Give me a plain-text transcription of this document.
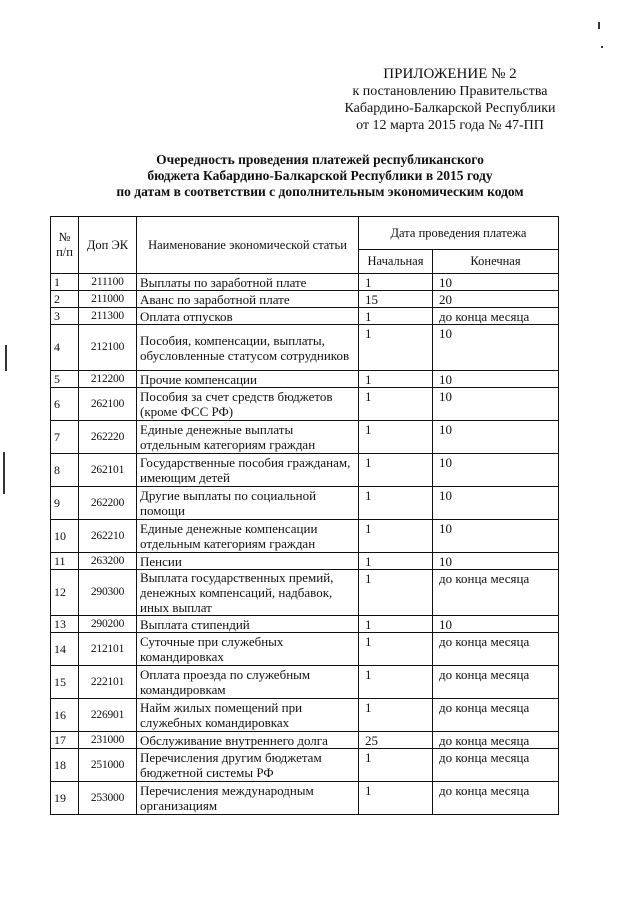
ПРИЛОЖЕНИЕ № 2
к постановлению Правительства
Кабардино-Балкарской Республики
от 12 марта 2015 года № 47-ПП
Очередность проведения платежей республиканского
бюджета Кабардино-Балкарской Республики в 2015 году
по датам в соответствии с дополнительным экономическим кодом
№ п/п	Доп ЭК	Наименование экономической статьи	Дата проведения платежа	
			Начальная	Конечная
1	211100	Выплаты по заработной плате	1	10
2	211000	Аванс по заработной плате	15	20
3	211300	Оплата отпусков	1	до конца месяца
4	212100	Пособия, компенсации, выплаты, обусловленные статусом сотрудников	1	10
5	212200	Прочие компенсации	1	10
6	262100	Пособия за счет средств бюджетов (кроме ФСС РФ)	1	10
7	262220	Единые денежные выплаты отдельным категориям граждан	1	10
8	262101	Государственные пособия гражданам, имеющим детей	1	10
9	262200	Другие выплаты по социальной помощи	1	10
10	262210	Единые денежные компенсации отдельным категориям граждан	1	10
11	263200	Пенсии	1	10
12	290300	Выплата государственных премий, денежных компенсаций, надбавок, иных выплат	1	до конца месяца
13	290200	Выплата стипендий	1	10
14	212101	Суточные при служебных командировках	1	до конца месяца
15	222101	Оплата проезда по служебным командировкам	1	до конца месяца
16	226901	Найм жилых помещений при служебных командировках	1	до конца месяца
17	231000	Обслуживание внутреннего долга	25	до конца месяца
18	251000	Перечисления другим бюджетам бюджетной системы РФ	1	до конца месяца
19	253000	Перечисления международным организациям	1	до конца месяца
